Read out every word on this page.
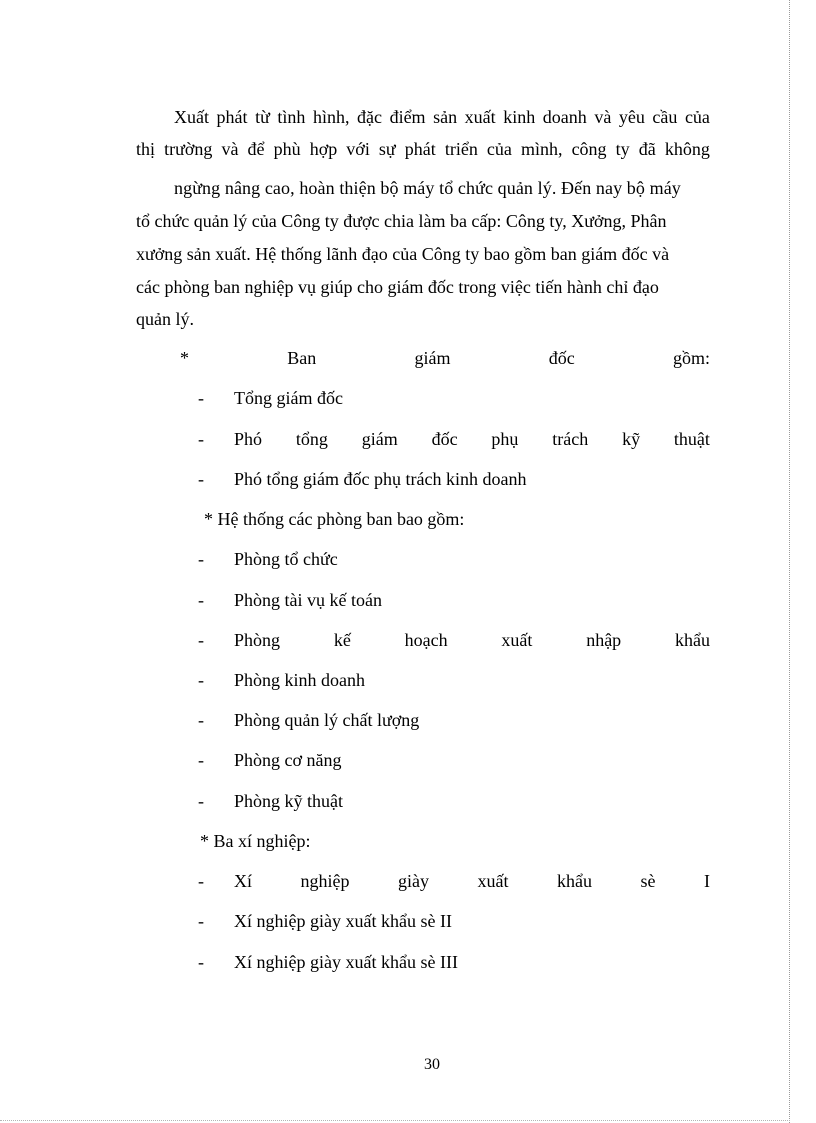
Xuất phát từ tình hình, đặc điểm sản xuất kinh doanh và yêu cầu của
thị trường và để phù hợp với sự phát triển của mình, công ty đã không
ngừng nâng cao, hoàn thiện bộ máy tổ chức quản lý. Đến nay bộ máy
tổ chức quản lý của Công ty được chia làm ba cấp: Công ty, Xưởng, Phân
xưởng sản xuất. Hệ thống lãnh đạo của Công ty bao gồm ban giám đốc và
các phòng ban nghiệp vụ giúp cho giám đốc trong việc tiến hành chỉ đạo
quản lý.
*	Ban	giám	đốc	gồm:
- Tổng giám đốc
- Phó tổng giám đốc phụ trách kỹ thuật
- Phó tổng giám đốc phụ trách kinh doanh
* Hệ thống các phòng ban bao gồm:
- Phòng tổ chức
- Phòng tài vụ kế toán
- Phòng	kế	hoạch	xuất	nhập	khẩu
- Phòng kinh doanh
- Phòng quản lý chất lượng
- Phòng cơ năng
- Phòng kỹ thuật
* Ba xí nghiệp:
- Xí	nghiệp	giày	xuất	khẩu	sè	I
- Xí nghiệp giày xuất khẩu sè II
- Xí nghiệp giày xuất khẩu sè III
30
